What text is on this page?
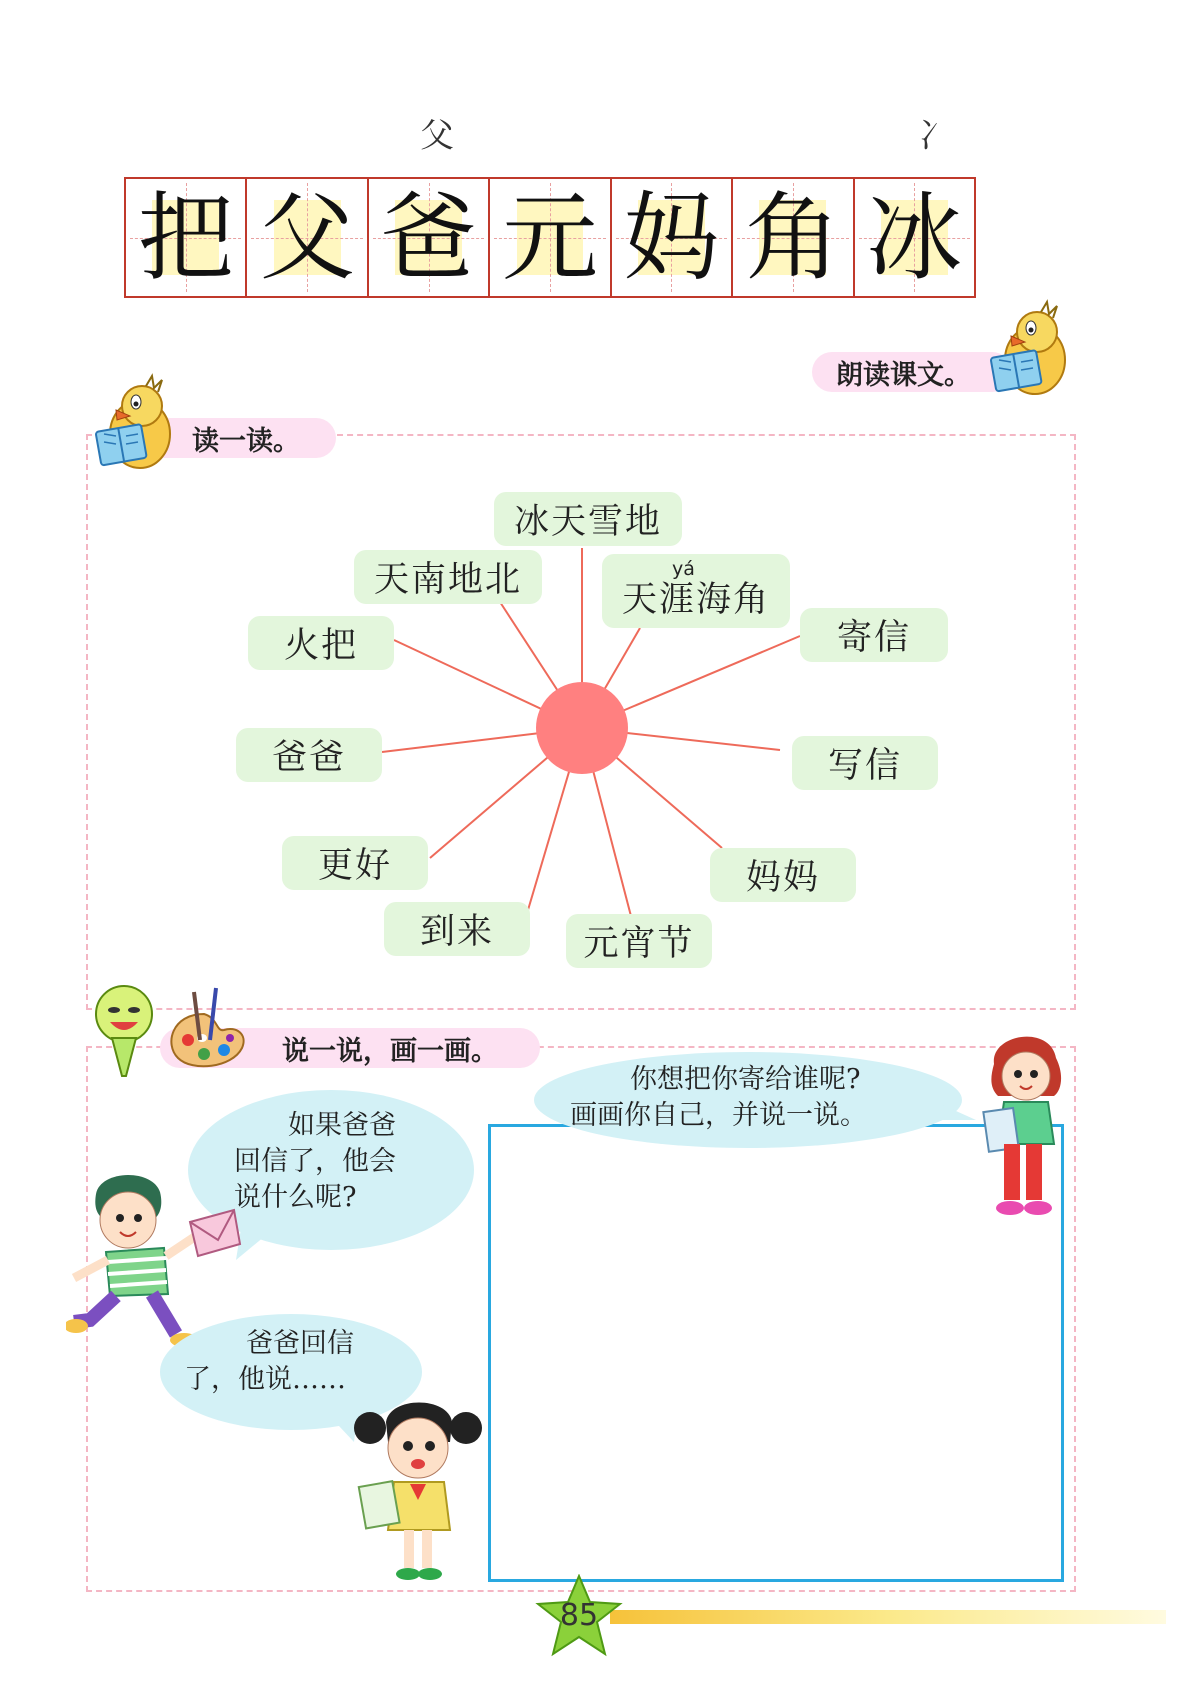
父	冫
把 父 爸 元 妈 角 冰
朗读课文。
读一读。
冰天雪地
天南地北	yá
天涯海角
火把	寄信
爸爸	写信
更好	妈妈
到来	元宵节
说一说，画一画。
你想把你寄给谁呢?
画画你自己，并说一说。
如果爸爸
回信了，他会
说什么呢?
爸爸回信
了，他说……
85
